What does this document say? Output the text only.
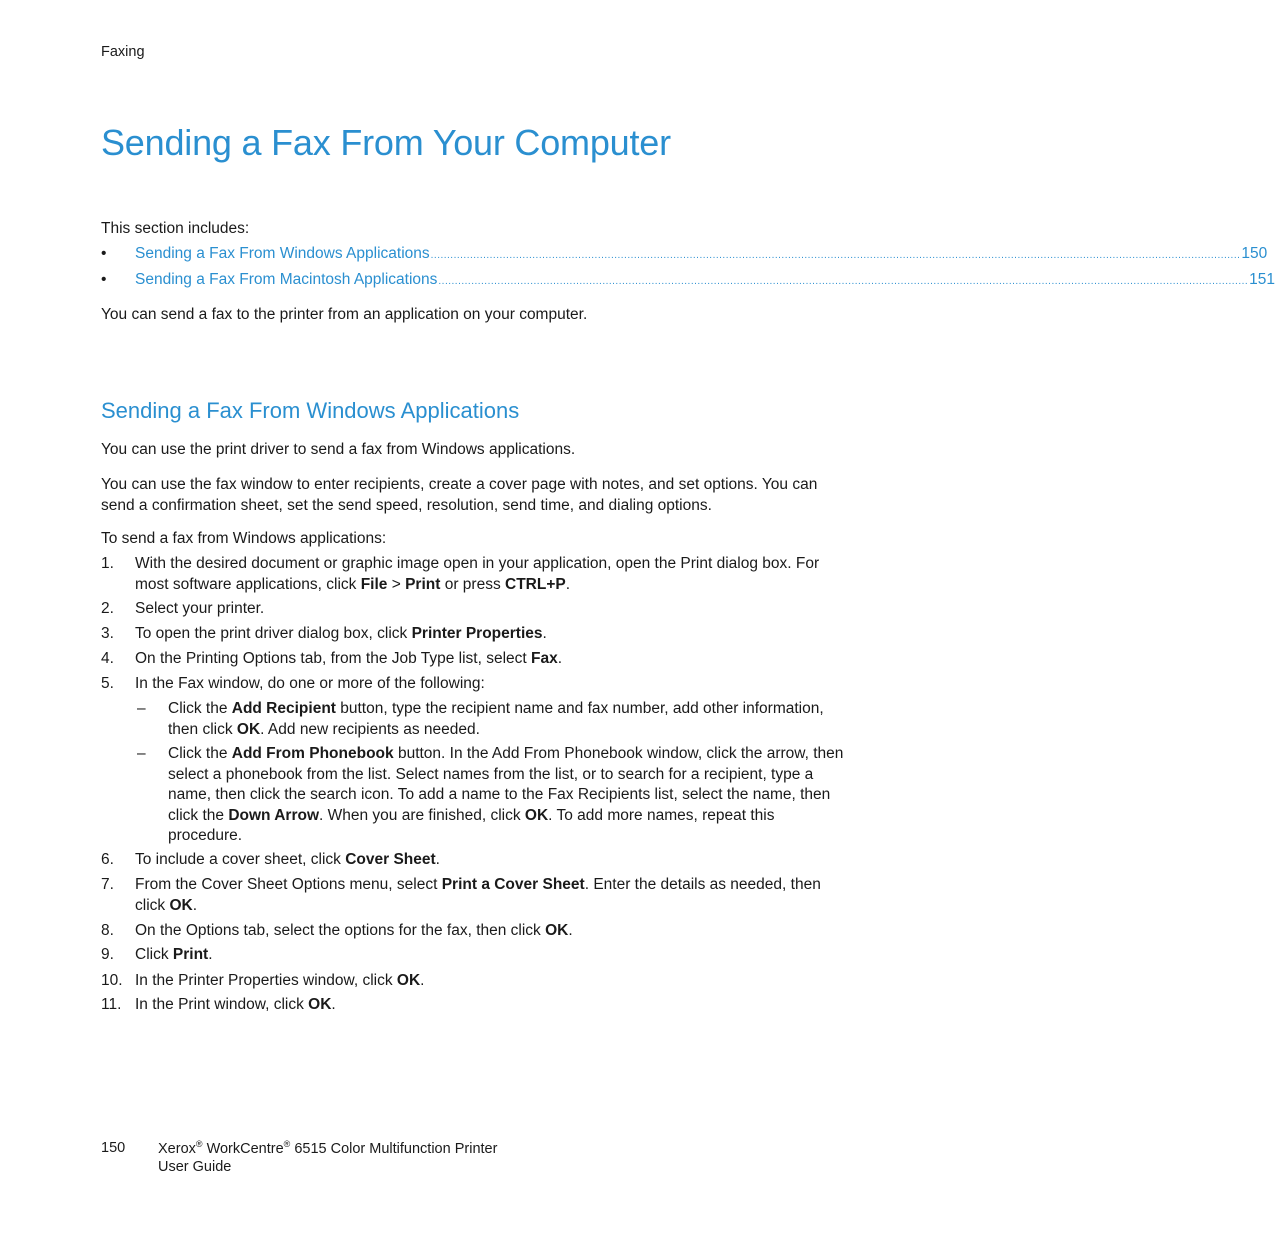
Faxing
Sending a Fax From Your Computer

This section includes:

•	Sending a Fax From Windows Applications ....................................................................................................................................................................................................................................................... 150
•	Sending a Fax From Macintosh Applications ....................................................................................................................................................................................................................................................... 151

You can send a fax to the printer from an application on your computer.

Sending a Fax From Windows Applications

You can use the print driver to send a fax from Windows applications.

You can use the fax window to enter recipients, create a cover page with notes, and set options. You can send a confirmation sheet, set the send speed, resolution, send time, and dialing options.

To send a fax from Windows applications:

1.	With the desired document or graphic image open in your application, open the Print dialog box. For most software applications, click File > Print or press CTRL+P.
2.	Select your printer.
3.	To open the print driver dialog box, click Printer Properties.
4.	On the Printing Options tab, from the Job Type list, select Fax.
5.	In the Fax window, do one or more of the following:
6.	To include a cover sheet, click Cover Sheet.
7.	From the Cover Sheet Options menu, select Print a Cover Sheet. Enter the details as needed, then click OK.
8.	On the Options tab, select the options for the fax, then click OK.
9.	Click Print.
10. In the Printer Properties window, click OK.
11. In the Print window, click OK.
–	Click the Add Recipient button, type the recipient name and fax number, add other information, then click OK. Add new recipients as needed.
–	Click the Add From Phonebook button. In the Add From Phonebook window, click the arrow, then select a phonebook from the list. Select names from the list, or to search for a recipient, type a name, then click the search icon. To add a name to the Fax Recipients list, select the name, then click the Down Arrow. When you are finished, click OK. To add more names, repeat this procedure.
150 Xerox® WorkCentre® 6515 Color Multifunction Printer
User Guide
